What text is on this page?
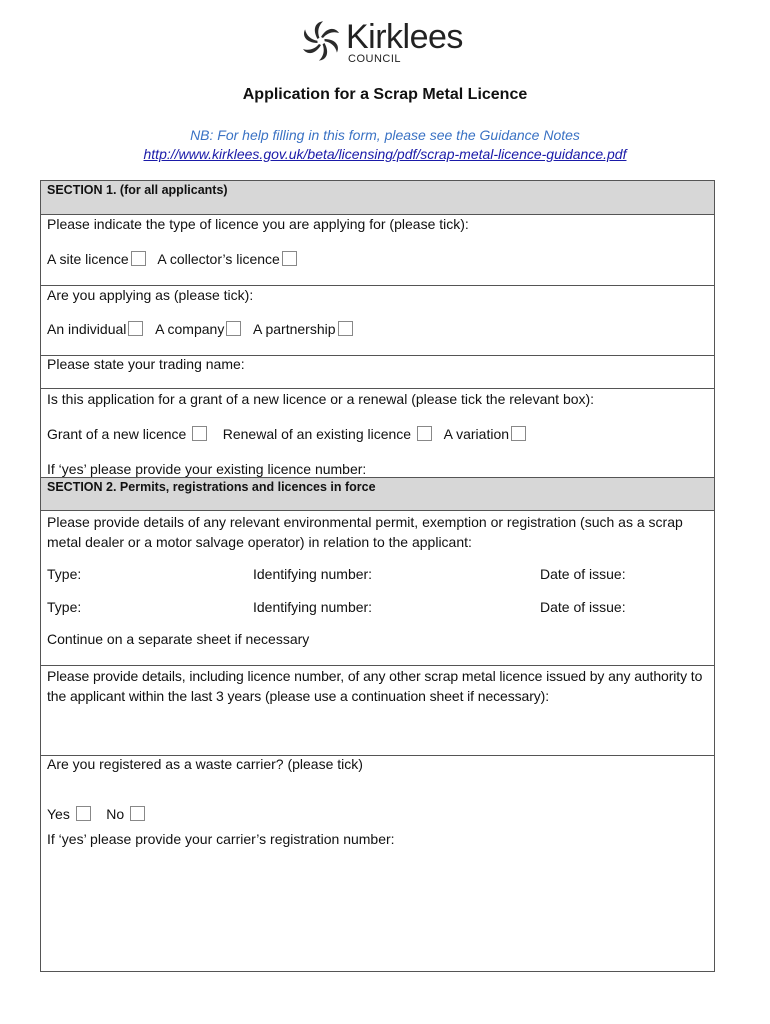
Kirklees
COUNCIL
Application for a Scrap Metal Licence
NB: For help filling in this form, please see the Guidance Notes
http://www.kirklees.gov.uk/beta/licensing/pdf/scrap-metal-licence-guidance.pdf
SECTION 1. (for all applicants)
Please indicate the type of licence you are applying for (please tick):
A site licence A collector’s licence
Are you applying as (please tick):
An individual A company A partnership
Please state your trading name:
Is this application for a grant of a new licence or a renewal (please tick the relevant box):
Grant of a new licence	Renewal of an existing licence A variation
If ‘yes’ please provide your existing licence number:
SECTION 2. Permits, registrations and licences in force
Please provide details of any relevant environmental permit, exemption or registration (such as a scrap metal dealer or a motor salvage operator) in relation to the applicant:
Type:	Identifying number:	Date of issue:
Type:	Identifying number:	Date of issue:
Continue on a separate sheet if necessary
Please provide details, including licence number, of any other scrap metal licence issued by any authority to the applicant within the last 3 years (please use a continuation sheet if necessary):
Are you registered as a waste carrier? (please tick)
Yes	No
If ‘yes’ please provide your carrier’s registration number:
